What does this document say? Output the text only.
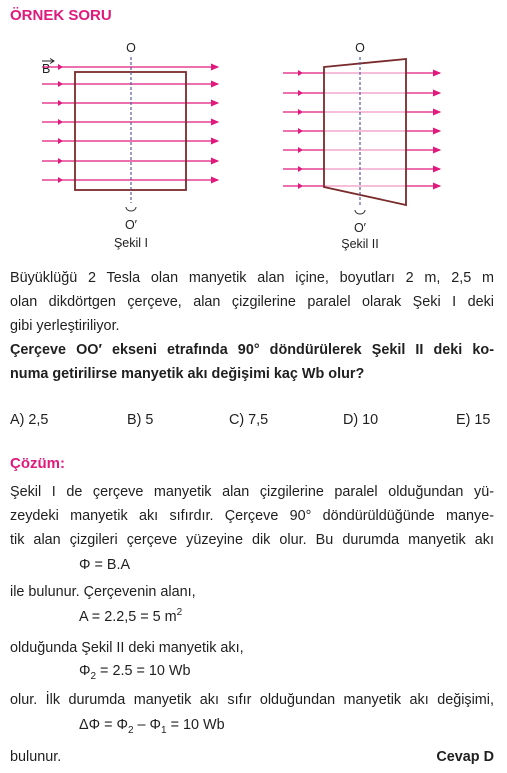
ÖRNEK SORU
O
B
O′
Şekil I
O
O′
Şekil II
Büyüklüğü 2 Tesla olan manyetik alan içine, boyutları 2 m, 2,5 m
olan dikdörtgen çerçeve, alan çizgilerine paralel olarak Şeki I deki
gibi yerleştiriliyor.
Çerçeve OO′ ekseni etrafında 90° döndürülerek Şekil II deki ko-
numa getirilirse manyetik akı değişimi kaç Wb olur?
A) 2,5	B) 5	C) 7,5	D) 10	E) 15
Çözüm:
Şekil I de çerçeve manyetik alan çizgilerine paralel olduğundan yü-
zeydeki manyetik akı sıfırdır. Çerçeve 90° döndürüldüğünde manye-
tik alan çizgileri çerçeve yüzeyine dik olur. Bu durumda manyetik akı
Φ = B.A
ile bulunur. Çerçevenin alanı,
A = 2.2,5 = 5 $m^2$
olduğunda Şekil II deki manyetik akı,
$\Phi_2 = 2.5 = 10$ Wb
olur. İlk durumda manyetik akı sıfır olduğundan manyetik akı değişimi,
$\Delta\Phi = \Phi_2 - \Phi_1 = 10$ Wb
bulunur.	Cevap D
